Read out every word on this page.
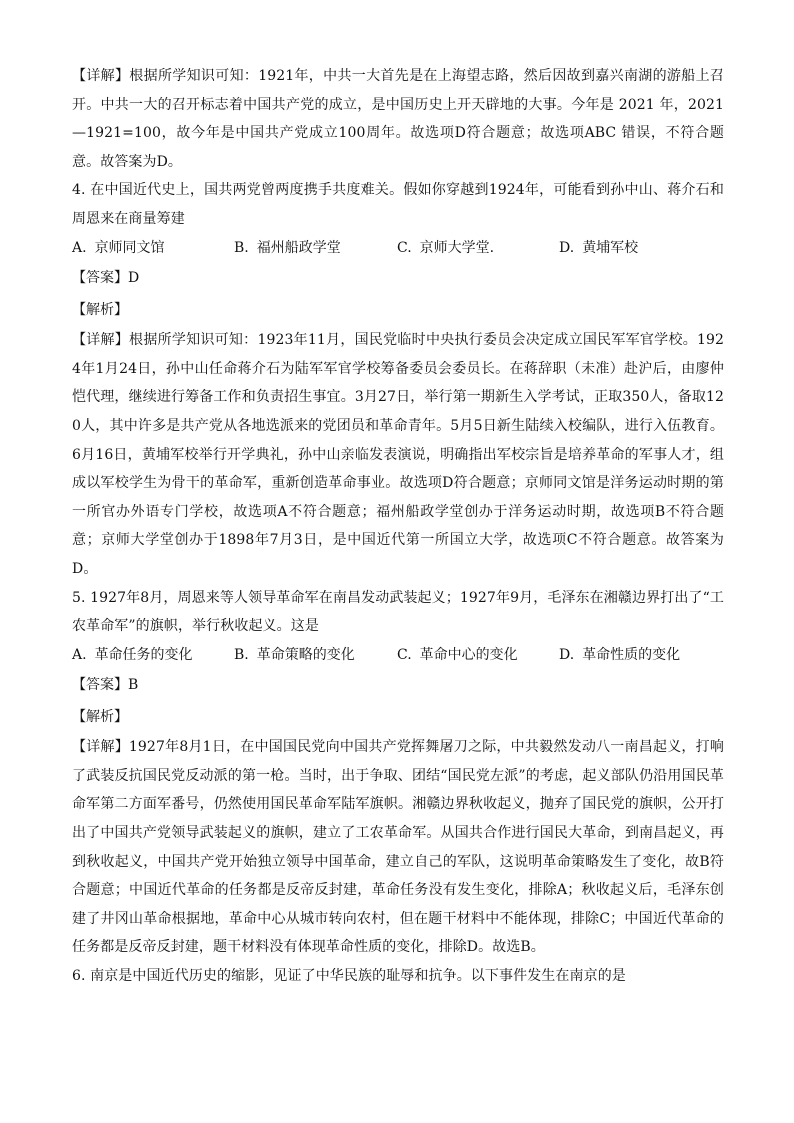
【详解】根据所学知识可知：1921年，中共一大首先是在上海望志路，然后因故到嘉兴南湖的游船上召开。中共一大的召开标志着中国共产党的成立，是中国历史上开天辟地的大事。今年是 2021 年，2021—1921=100，故今年是中国共产党成立100周年。故选项D符合题意；故选项ABC 错误，不符合题意。故答案为D。

4. 在中国近代史上，国共两党曾两度携手共度难关。假如你穿越到1924年，可能看到孙中山、蒋介石和周恩来在商量筹建

A. 京师同文馆	B. 福州船政学堂	C. 京师大学堂.	D. 黄埔军校
【答案】D
【解析】

【详解】根据所学知识可知：1923年11月，国民党临时中央执行委员会决定成立国民军军官学校。1924年1月24日，孙中山任命蒋介石为陆军军官学校筹备委员会委员长。在蒋辞职（未准）赴沪后，由廖仲恺代理，继续进行筹备工作和负责招生事宜。3月27日，举行第一期新生入学考试，正取350人，备取120人，其中许多是共产党从各地选派来的党团员和革命青年。5月5日新生陆续入校编队，进行入伍教育。6月16日，黄埔军校举行开学典礼，孙中山亲临发表演说，明确指出军校宗旨是培养革命的军事人才，组成以军校学生为骨干的革命军，重新创造革命事业。故选项D符合题意；京师同文馆是洋务运动时期的第一所官办外语专门学校，故选项A不符合题意；福州船政学堂创办于洋务运动时期，故选项B不符合题意；京师大学堂创办于1898年7月3日，是中国近代第一所国立大学，故选项C不符合题意。故答案为D。

5. 1927年8月，周恩来等人领导革命军在南昌发动武装起义；1927年9月，毛泽东在湘赣边界打出了“工农革命军”的旗帜，举行秋收起义。这是

A. 革命任务的变化	B. 革命策略的变化	C. 革命中心的变化	D. 革命性质的变化
【答案】B
【解析】

【详解】1927年8月1日，在中国国民党向中国共产党挥舞屠刀之际，中共毅然发动八一南昌起义，打响了武装反抗国民党反动派的第一枪。当时，出于争取、团结“国民党左派”的考虑，起义部队仍沿用国民革命军第二方面军番号，仍然使用国民革命军陆军旗帜。湘赣边界秋收起义，抛弃了国民党的旗帜，公开打出了中国共产党领导武装起义的旗帜，建立了工农革命军。从国共合作进行国民大革命，到南昌起义，再到秋收起义，中国共产党开始独立领导中国革命，建立自己的军队，这说明革命策略发生了变化，故B符合题意；中国近代革命的任务都是反帝反封建，革命任务没有发生变化，排除A；秋收起义后，毛泽东创建了井冈山革命根据地，革命中心从城市转向农村，但在题干材料中不能体现，排除C；中国近代革命的任务都是反帝反封建，题干材料没有体现革命性质的变化，排除D。故选B。

6. 南京是中国近代历史的缩影，见证了中华民族的耻辱和抗争。以下事件发生在南京的是
